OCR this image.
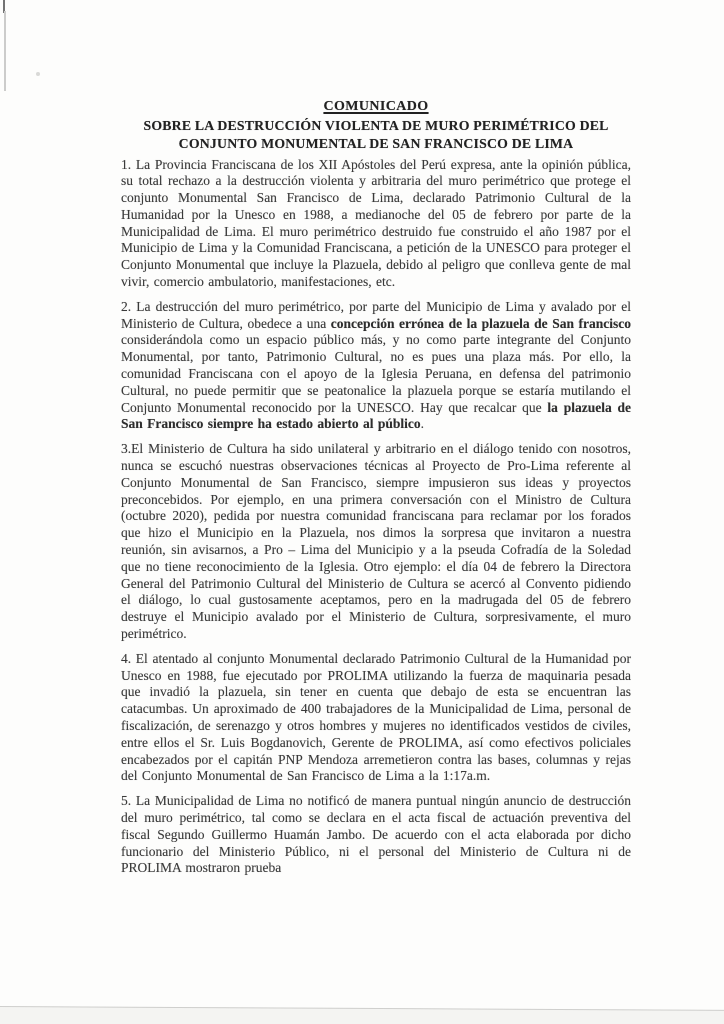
COMUNICADO
SOBRE LA DESTRUCCIÓN VIOLENTA DE MURO PERIMÉTRICO DEL
CONJUNTO MONUMENTAL DE SAN FRANCISCO DE LIMA

1. La Provincia Franciscana de los XII Apóstoles del Perú expresa, ante la opinión pública, su total rechazo a la destrucción violenta y arbitraria del muro perimétrico que protege el conjunto Monumental San Francisco de Lima, declarado Patrimonio Cultural de la Humanidad por la Unesco en 1988, a medianoche del 05 de febrero por parte de la Municipalidad de Lima. El muro perimétrico destruido fue construido el año 1987 por el Municipio de Lima y la Comunidad Franciscana, a petición de la UNESCO para proteger el Conjunto Monumental que incluye la Plazuela, debido al peligro que conlleva gente de mal vivir, comercio ambulatorio, manifestaciones, etc.

2. La destrucción del muro perimétrico, por parte del Municipio de Lima y avalado por el Ministerio de Cultura, obedece a una concepción errónea de la plazuela de San francisco considerándola como un espacio público más, y no como parte integrante del Conjunto Monumental, por tanto, Patrimonio Cultural, no es pues una plaza más. Por ello, la comunidad Franciscana con el apoyo de la Iglesia Peruana, en defensa del patrimonio Cultural, no puede permitir que se peatonalice la plazuela porque se estaría mutilando el Conjunto Monumental reconocido por la UNESCO. Hay que recalcar que la plazuela de San Francisco siempre ha estado abierto al público.

3.El Ministerio de Cultura ha sido unilateral y arbitrario en el diálogo tenido con nosotros, nunca se escuchó nuestras observaciones técnicas al Proyecto de Pro-Lima referente al Conjunto Monumental de San Francisco, siempre impusieron sus ideas y proyectos preconcebidos. Por ejemplo, en una primera conversación con el Ministro de Cultura (octubre 2020), pedida por nuestra comunidad franciscana para reclamar por los forados que hizo el Municipio en la Plazuela, nos dimos la sorpresa que invitaron a nuestra reunión, sin avisarnos, a Pro – Lima del Municipio y a la pseuda Cofradía de la Soledad que no tiene reconocimiento de la Iglesia. Otro ejemplo: el día 04 de febrero la Directora General del Patrimonio Cultural del Ministerio de Cultura se acercó al Convento pidiendo el diálogo, lo cual gustosamente aceptamos, pero en la madrugada del 05 de febrero destruye el Municipio avalado por el Ministerio de Cultura, sorpresivamente, el muro perimétrico.

4. El atentado al conjunto Monumental declarado Patrimonio Cultural de la Humanidad por Unesco en 1988, fue ejecutado por PROLIMA utilizando la fuerza de maquinaria pesada que invadió la plazuela, sin tener en cuenta que debajo de esta se encuentran las catacumbas. Un aproximado de 400 trabajadores de la Municipalidad de Lima, personal de fiscalización, de serenazgo y otros hombres y mujeres no identificados vestidos de civiles, entre ellos el Sr. Luis Bogdanovich, Gerente de PROLIMA, así como efectivos policiales encabezados por el capitán PNP Mendoza arremetieron contra las bases, columnas y rejas del Conjunto Monumental de San Francisco de Lima a la 1:17a.m.

5. La Municipalidad de Lima no notificó de manera puntual ningún anuncio de destrucción del muro perimétrico, tal como se declara en el acta fiscal de actuación preventiva del fiscal Segundo Guillermo Huamán Jambo. De acuerdo con el acta elaborada por dicho funcionario del Ministerio Público, ni el personal del Ministerio de Cultura ni de PROLIMA mostraron prueba
